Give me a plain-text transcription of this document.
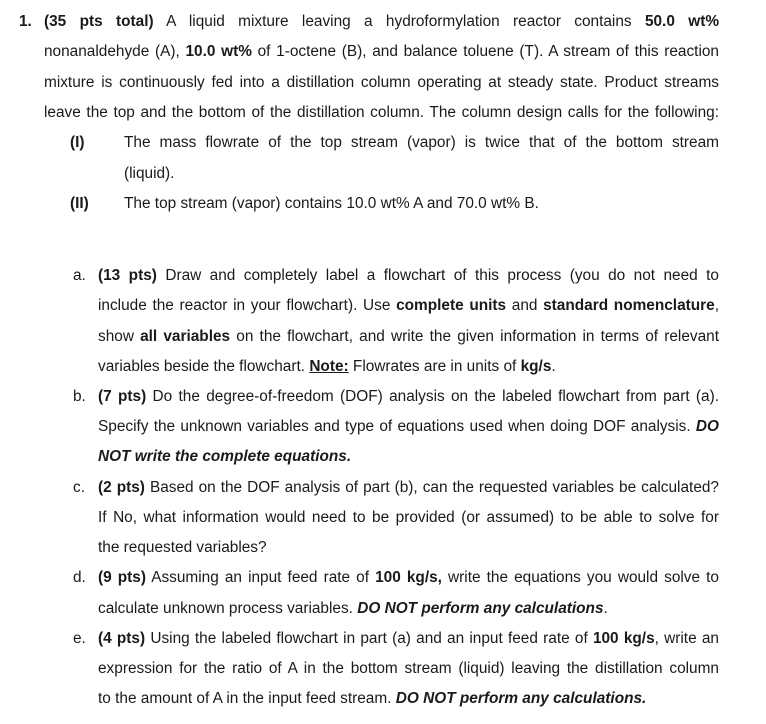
1. (35 pts total) A liquid mixture leaving a hydroformylation reactor contains 50.0 wt%
nonanaldehyde (A), 10.0 wt% of 1-octene (B), and balance toluene (T). A stream of this reaction
mixture is continuously fed into a distillation column operating at steady state. Product streams
leave the top and the bottom of the distillation column. The column design calls for the following:
(I)	The mass flowrate of the top stream (vapor) is twice that of the bottom stream
(liquid).
(II) The top stream (vapor) contains 10.0 wt% A and 70.0 wt% B.
a. (13 pts) Draw and completely label a flowchart of this process (you do not need to
include the reactor in your flowchart). Use complete units and standard nomenclature,
show all variables on the flowchart, and write the given information in terms of relevant
variables beside the flowchart. Note: Flowrates are in units of kg/s.
b. (7 pts) Do the degree-of-freedom (DOF) analysis on the labeled flowchart from part (a).
Specify the unknown variables and type of equations used when doing DOF analysis. DO
NOT write the complete equations.
c. (2 pts) Based on the DOF analysis of part (b), can the requested variables be calculated?
If No, what information would need to be provided (or assumed) to be able to solve for
the requested variables?
d. (9 pts) Assuming an input feed rate of 100 kg/s, write the equations you would solve to
calculate unknown process variables. DO NOT perform any calculations.
e. (4 pts) Using the labeled flowchart in part (a) and an input feed rate of 100 kg/s, write an
expression for the ratio of A in the bottom stream (liquid) leaving the distillation column
to the amount of A in the input feed stream. DO NOT perform any calculations.
